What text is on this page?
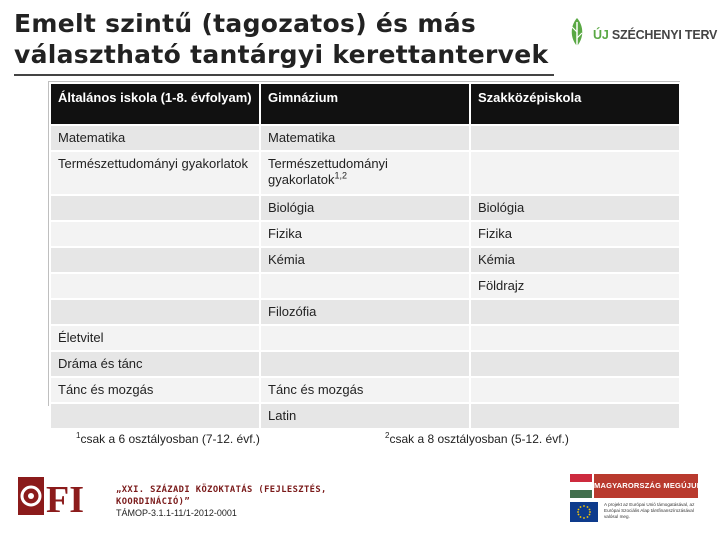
Emelt szintű (tagozatos) és más
választható tantárgyi kerettantervek
ÚJ SZÉCHENYI TERV
Általános iskola (1-8. évfolyam)	Gimnázium	Szakközépiskola
Matematika	Matematika	
Természettudományi gyakorlatok	Természettudományi gyakorlatok$^{1,2}$	
	Biológia	Biológia
	Fizika	Fizika
	Kémia	Kémia
		Földrajz
	Filozófia	
Életvitel		
Dráma és tánc		
Tánc és mozgás	Tánc és mozgás	
	Latin	
$^1$csak a 6 osztályosban (7-12. évf.)	$^2$csak a 8 osztályosban (5-12. évf.)
FI	„XXI. SZÁZADI KÖZOKTATÁS (FEJLESZTÉS,
KOORDINÁCIÓ)”
TÁMOP-3.1.1-11/1-2012-0001
MAGYARORSZÁG MEGÚJUL
A projekt az Európai Unió támogatásával, az Európai Szociális Alap társfinanszírozásával valósul meg.
